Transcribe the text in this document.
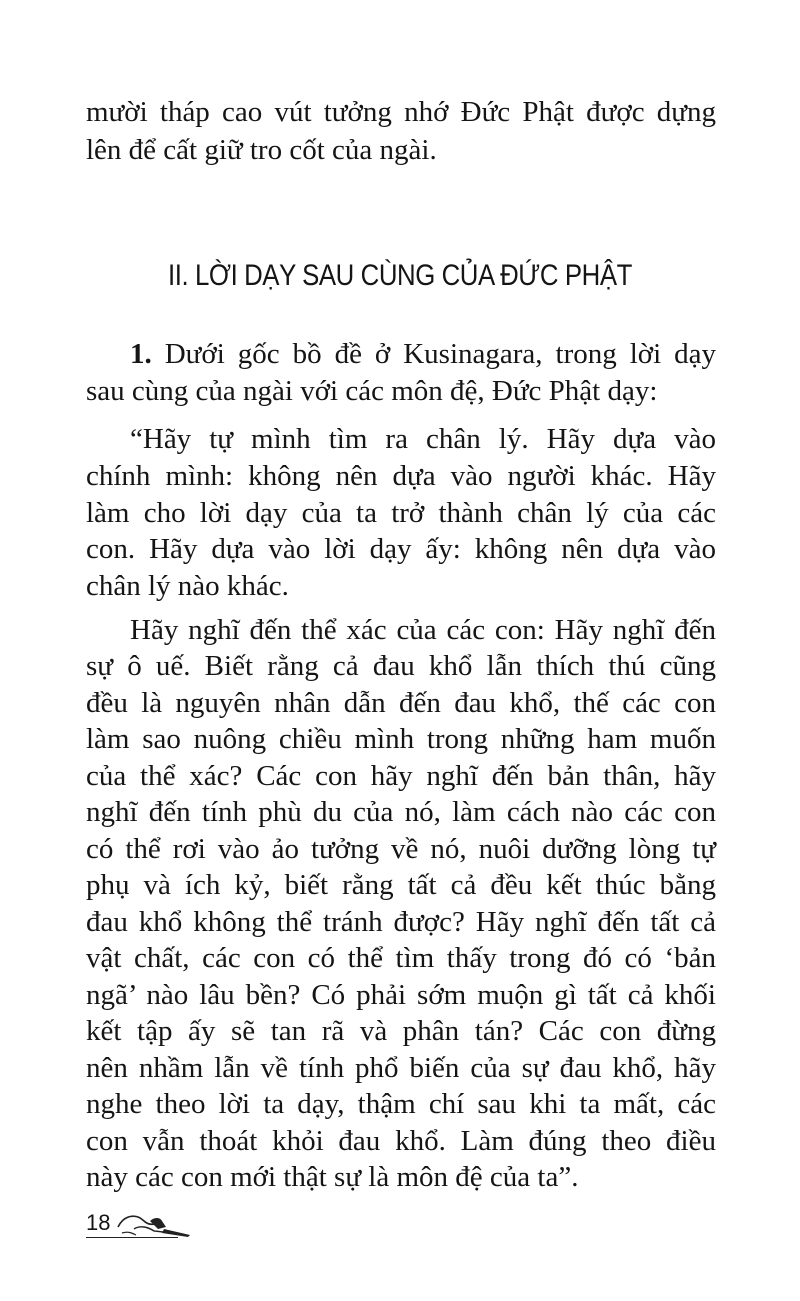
mười tháp cao vút tưởng nhớ Đức Phật được dựng
lên để cất giữ tro cốt của ngài.
II. LỜI DẠY SAU CÙNG CỦA ĐỨC PHẬT
1. Dưới gốc bồ đề ở Kusinagara, trong lời dạy
sau cùng của ngài với các môn đệ, Đức Phật dạy:
“Hãy tự mình tìm ra chân lý. Hãy dựa vào
chính mình: không nên dựa vào người khác. Hãy
làm cho lời dạy của ta trở thành chân lý của các
con. Hãy dựa vào lời dạy ấy: không nên dựa vào
chân lý nào khác.
Hãy nghĩ đến thể xác của các con: Hãy nghĩ đến
sự ô uế. Biết rằng cả đau khổ lẫn thích thú cũng
đều là nguyên nhân dẫn đến đau khổ, thế các con
làm sao nuông chiều mình trong những ham muốn
của thể xác? Các con hãy nghĩ đến bản thân, hãy
nghĩ đến tính phù du của nó, làm cách nào các con
có thể rơi vào ảo tưởng về nó, nuôi dưỡng lòng tự
phụ và ích kỷ, biết rằng tất cả đều kết thúc bằng
đau khổ không thể tránh được? Hãy nghĩ đến tất cả
vật chất, các con có thể tìm thấy trong đó có ‘bản
ngã’ nào lâu bền? Có phải sớm muộn gì tất cả khối
kết tập ấy sẽ tan rã và phân tán? Các con đừng
nên nhầm lẫn về tính phổ biến của sự đau khổ, hãy
nghe theo lời ta dạy, thậm chí sau khi ta mất, các
con vẫn thoát khỏi đau khổ. Làm đúng theo điều
này các con mới thật sự là môn đệ của ta”.
18
